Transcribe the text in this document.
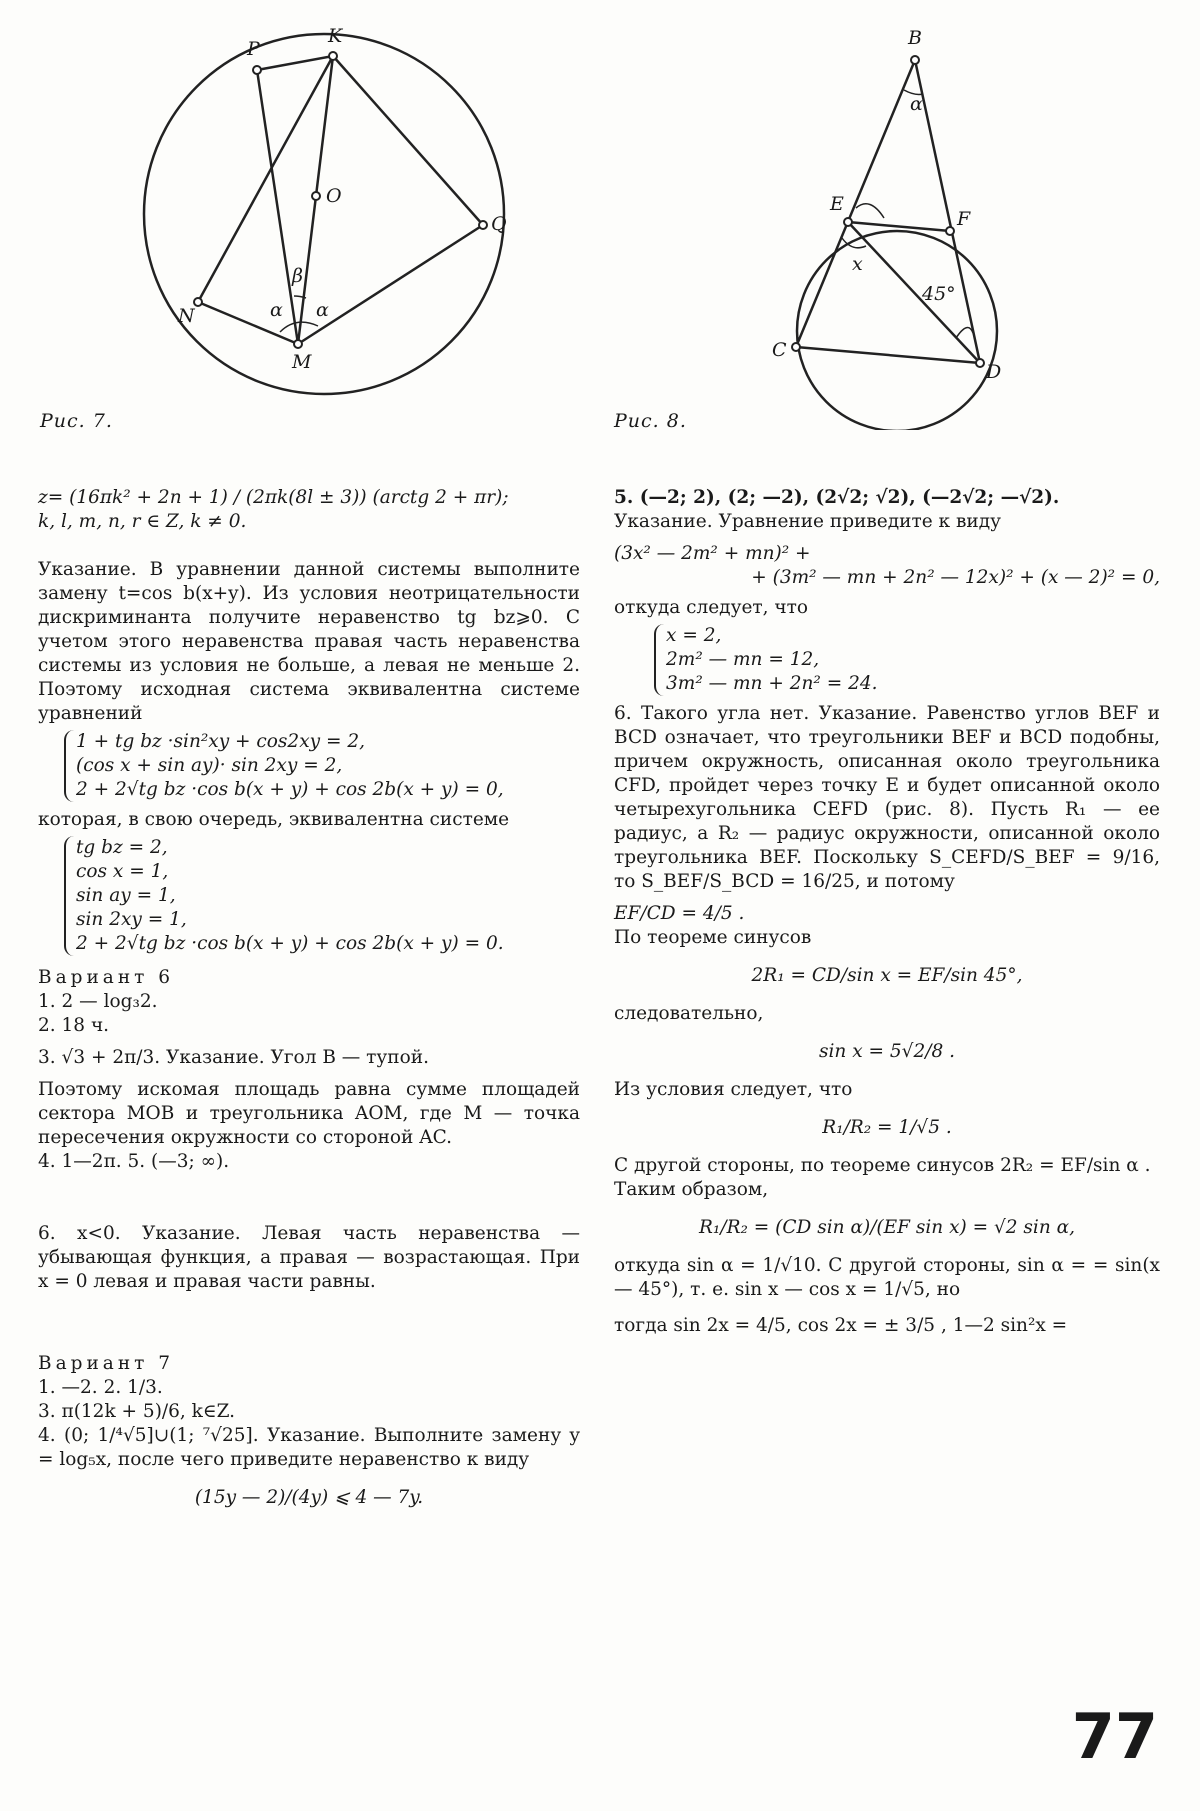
P
K
O
Q
N
M
β
α α
Рис. 7.
B
E
F
C
D
α
x
45°
Рис. 8.

z= (16πk² + 2n + 1) / (2πk(8l ± 3)) (arctg 2 + πr);

k, l, m, n, r ∈ Z, k ≠ 0.

Указание. В уравнении данной системы выполните замену t=cos b(x+y). Из условия неотрицательности дискриминанта получите неравенство tg bz⩾0. С учетом этого неравенства правая часть неравенства системы из условия не больше, а левая не меньше 2. Поэтому исходная система эквивалентна системе уравнений

1 + tg bz ·sin²xy + cos2xy = 2,

(cos x + sin ay)· sin 2xy = 2,

2 + 2√tg bz ·cos b(x + y) + cos 2b(x + y) = 0,

которая, в свою очередь, эквивалентна системе

tg bz = 2,

cos x = 1,

sin ay = 1,

sin 2xy = 1,

2 + 2√tg bz ·cos b(x + y) + cos 2b(x + y) = 0.

Вариант 6

1. 2 — log₃2.

2. 18 ч.

3. √3 + 2π/3. Указание. Угол B — тупой.

Поэтому искомая площадь равна сумме площадей сектора MOB и треугольника AOM, где M — точка пересечения окружности со стороной AC.

4. 1—2π. 5. (—3; ∞).

6. x<0. Указание. Левая часть неравенства — убывающая функция, а правая — возрастающая. При x = 0 левая и правая части равны.

Вариант 7

1. —2. 2. 1/3.

3. π(12k + 5)/6, k∈Z.

4. (0; 1/⁴√5]∪(1; ⁷√25]. Указание. Выполните замену y = log₅x, после чего приведите неравенство к виду

(15y — 2)/(4y) ⩽ 4 — 7y.

5. (—2; 2), (2; —2), (2√2; √2), (—2√2; —√2).

Указание. Уравнение приведите к виду

(3x² — 2m² + mn)² +

+ (3m² — mn + 2n² — 12x)² + (x — 2)² = 0,

откуда следует, что

x = 2,

2m² — mn = 12,

3m² — mn + 2n² = 24.

6. Такого угла нет. Указание. Равенство углов BEF и BCD означает, что треугольники BEF и BCD подобны, причем окружность, описанная около треугольника CFD, пройдет через точку E и будет описанной около четырехугольника CEFD (рис. 8). Пусть R₁ — ее радиус, а R₂ — радиус окружности, описанной около треугольника BEF. Поскольку S_CEFD/S_BEF = 9/16, то S_BEF/S_BCD = 16/25, и потому

EF/CD = 4/5 .

По теореме синусов

2R₁ = CD/sin x = EF/sin 45°,

следовательно,

sin x = 5√2/8 .

Из условия следует, что

R₁/R₂ = 1/√5 .

С другой стороны, по теореме синусов 2R₂ = EF/sin α .

Таким образом,

R₁/R₂ = (CD sin α)/(EF sin x) = √2 sin α,

откуда sin α = 1/√10. С другой стороны, sin α = = sin(x — 45°), т. е. sin x — cos x = 1/√5, но

тогда sin 2x = 4/5, cos 2x = ± 3/5 , 1—2 sin²x =

77
